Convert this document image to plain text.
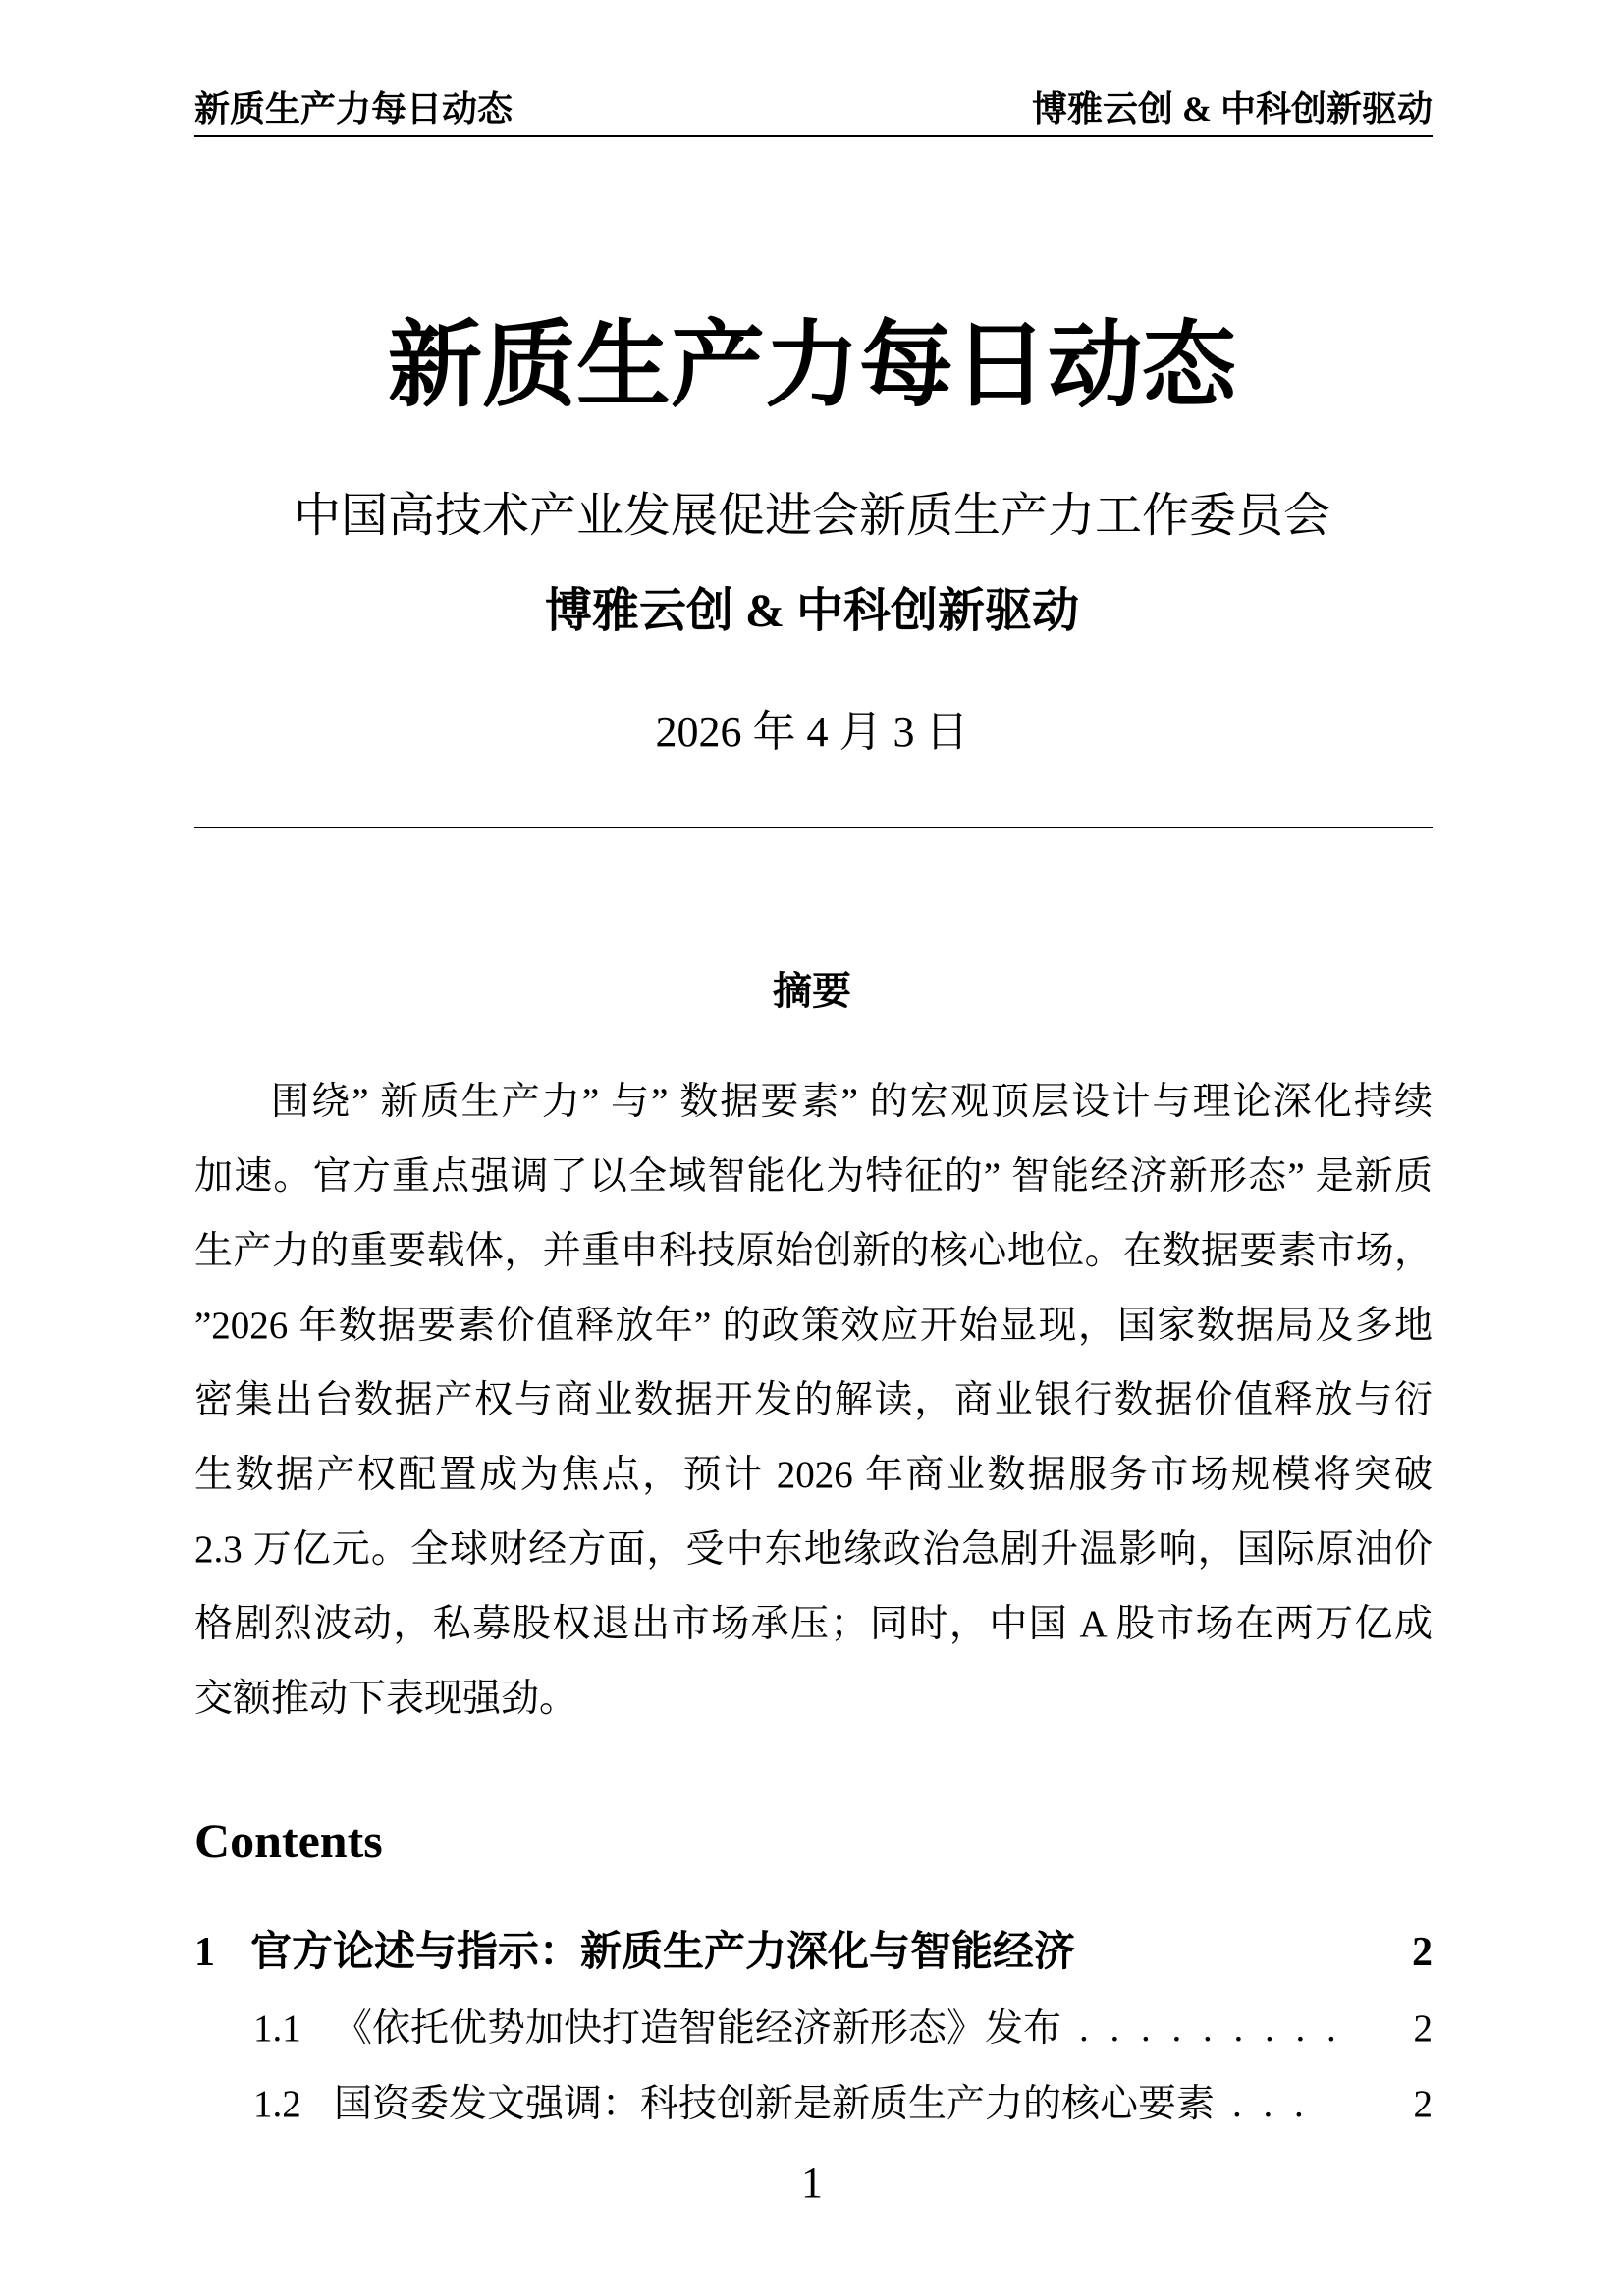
新质生产力每日动态	博雅云创 & 中科创新驱动
新质生产力每日动态
中国高技术产业发展促进会新质生产力工作委员会
博雅云创 & 中科创新驱动
2026 年 4 月 3 日
摘要
围绕” 新质生产力” 与” 数据要素” 的宏观顶层设计与理论深化持续
加速。官方重点强调了以全域智能化为特征的” 智能经济新形态” 是新质
生产力的重要载体，并重申科技原始创新的核心地位。在数据要素市场，
”2026 年数据要素价值释放年” 的政策效应开始显现，国家数据局及多地
密集出台数据产权与商业数据开发的解读，商业银行数据价值释放与衍
生数据产权配置成为焦点，预计 2026 年商业数据服务市场规模将突破
2.3 万亿元。全球财经方面，受中东地缘政治急剧升温影响，国际原油价
格剧烈波动，私募股权退出市场承压；同时，中国 A 股市场在两万亿成
交额推动下表现强劲。
Contents
1 官方论述与指示：新质生产力深化与智能经济	2
1.1 《依托优势加快打造智能经济新形态》发布 . . . . . . . . . 2
1.2 国资委发文强调：科技创新是新质生产力的核心要素 . . .	2
1
